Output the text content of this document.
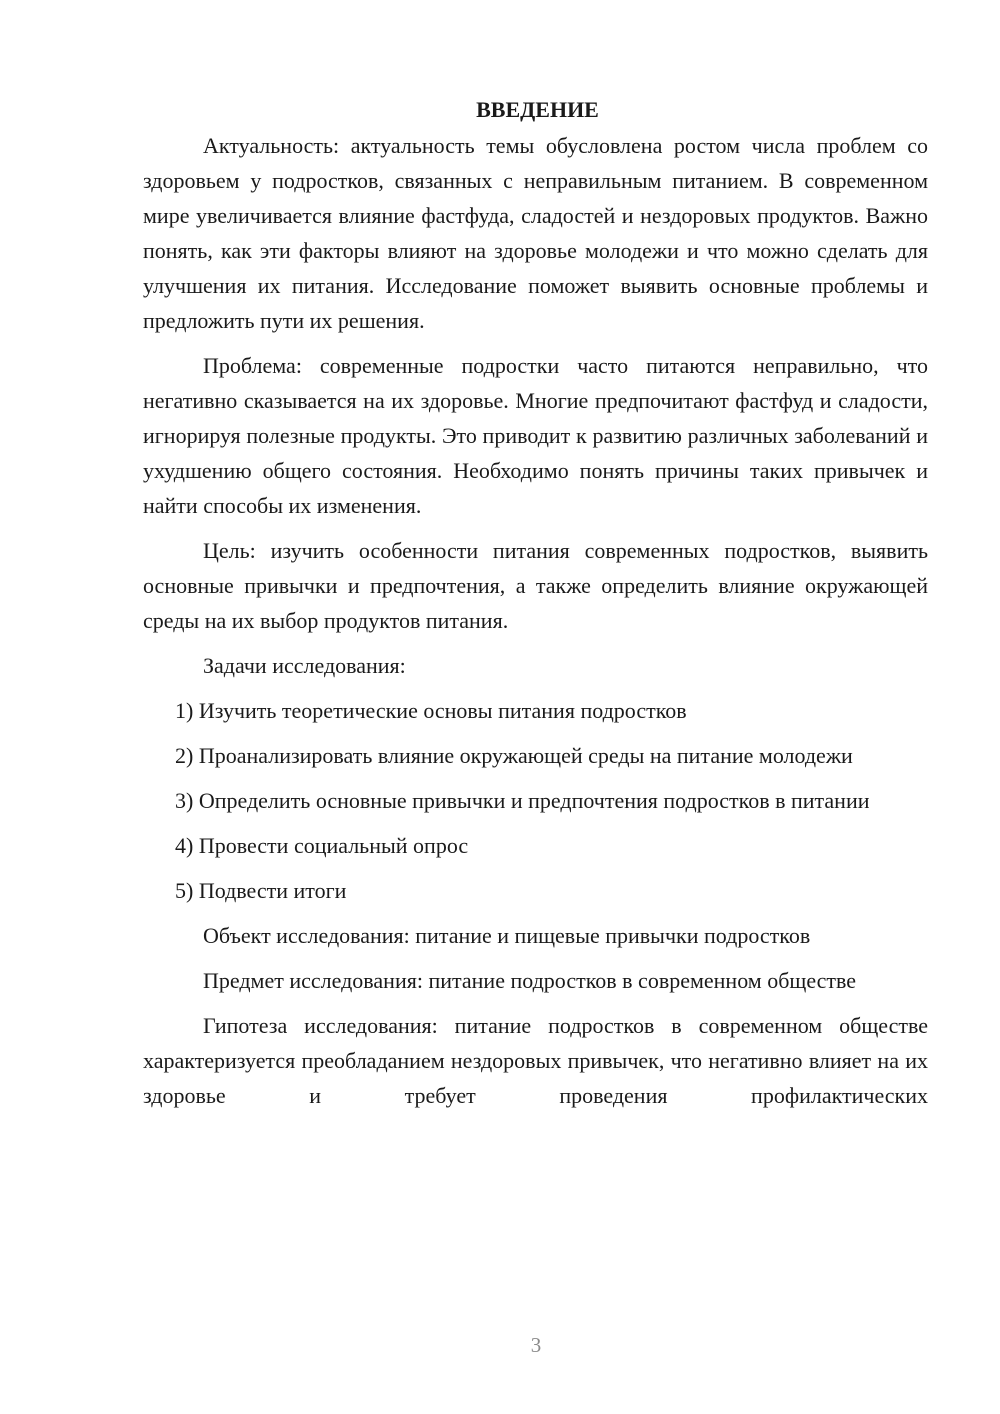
ВВЕДЕНИЕ

Актуальность: актуальность темы обусловлена ростом числа проблем со здоровьем у подростков, связанных с неправильным питанием. В современном мире увеличивается влияние фастфуда, сладостей и нездоровых продуктов. Важно понять, как эти факторы влияют на здоровье молодежи и что можно сделать для улучшения их питания. Исследование поможет выявить основные проблемы и предложить пути их решения.

Проблема: современные подростки часто питаются неправильно, что негативно сказывается на их здоровье. Многие предпочитают фастфуд и сладости, игнорируя полезные продукты. Это приводит к развитию различных заболеваний и ухудшению общего состояния. Необходимо понять причины таких привычек и найти способы их изменения.

Цель: изучить особенности питания современных подростков, выявить основные привычки и предпочтения, а также определить влияние окружающей среды на их выбор продуктов питания.

Задачи исследования:

1) Изучить теоретические основы питания подростков

2) Проанализировать влияние окружающей среды на питание молодежи

3) Определить основные привычки и предпочтения подростков в питании

4) Провести социальный опрос

5) Подвести итоги

Объект исследования: питание и пищевые привычки подростков

Предмет исследования: питание подростков в современном обществе

Гипотеза исследования: питание подростков в современном обществе характеризуется преобладанием нездоровых привычек, что негативно влияет на их здоровье и требует проведения профилактических

3
